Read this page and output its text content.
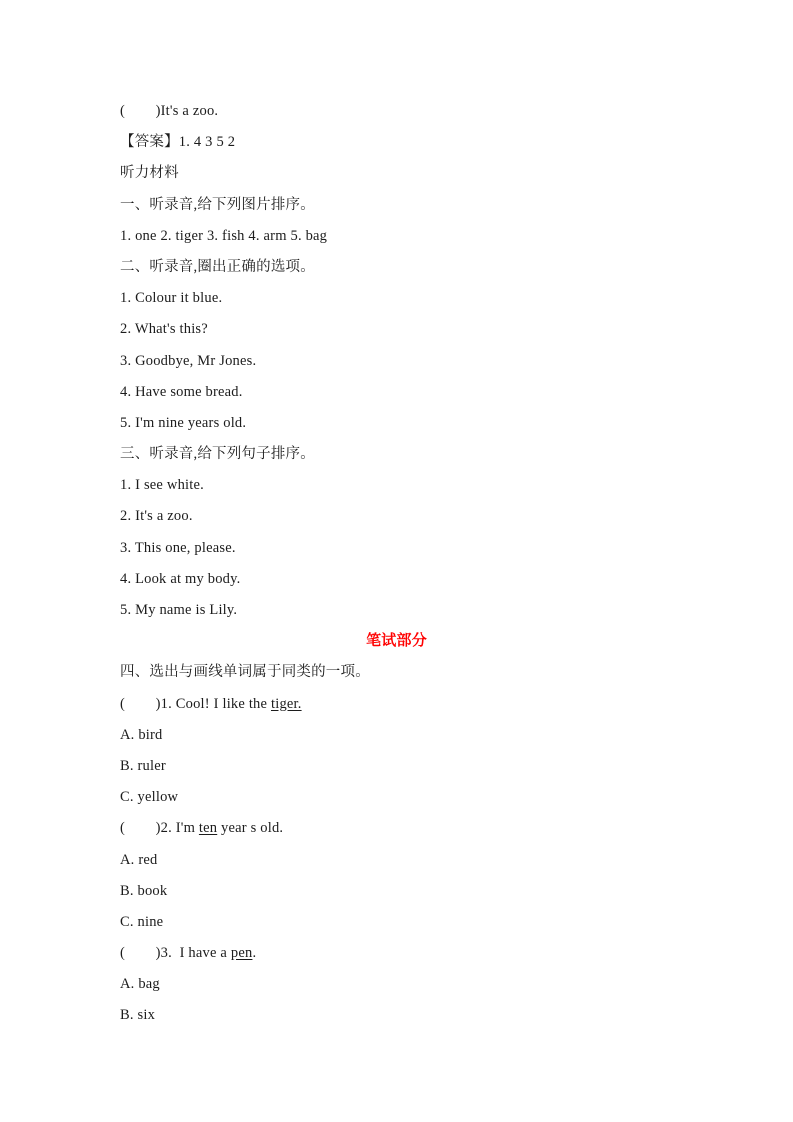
(        )It's a zoo.
【答案】1. 4 3 5 2
听力材料
一、听录音,给下列图片排序。
1. one 2. tiger 3. fish 4. arm 5. bag
二、听录音,圈出正确的选项。
1. Colour it blue.
2. What's this?
3. Goodbye, Mr Jones.
4. Have some bread.
5. I'm nine years old.
三、听录音,给下列句子排序。
1. I see white.
2. It's a zoo.
3. This one, please.
4. Look at my body.
5. My name is Lily.
笔试部分
四、选出与画线单词属于同类的一项。
(        )1. Cool! I like the tiger.
A. bird
B. ruler
C. yellow
(        )2. I'm ten year s old.
A. red
B. book
C. nine
(        )3.  I have a pen.
A. bag
B. six
